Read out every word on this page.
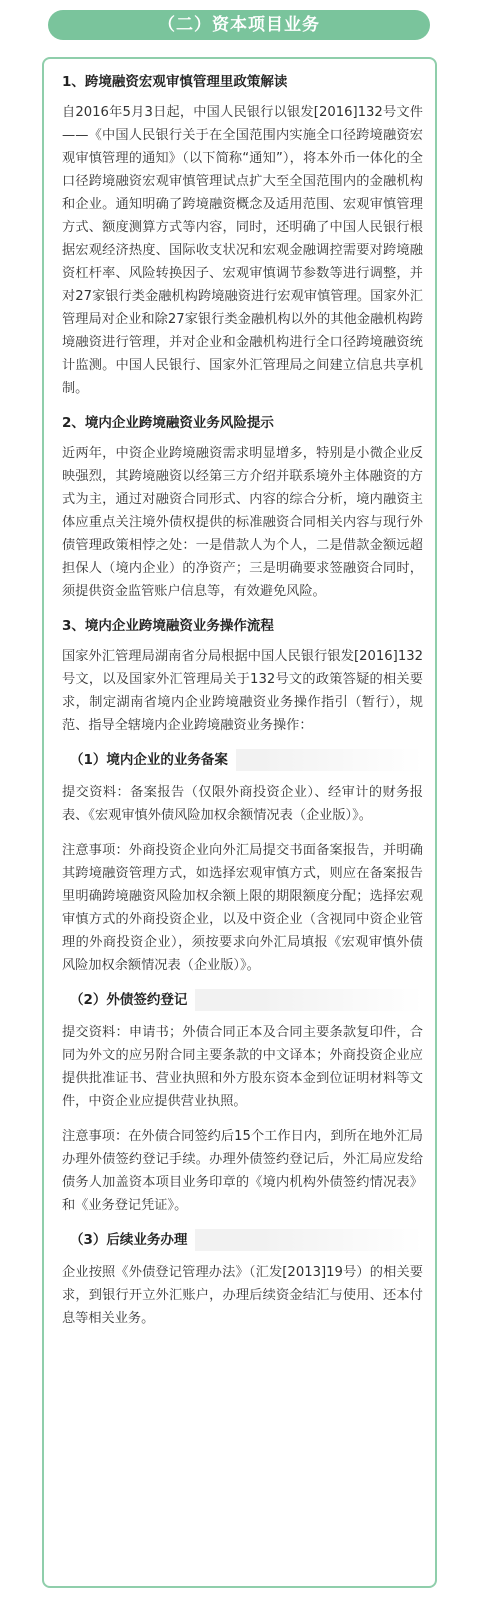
（二）资本项目业务
1、跨境融资宏观审慎管理里政策解读
自2016年5月3日起，中国人民银行以银发[2016]132号文件——《中国人民银行关于在全国范围内实施全口径跨境融资宏观审慎管理的通知》（以下简称“通知”），将本外币一体化的全口径跨境融资宏观审慎管理试点扩大至全国范围内的金融机构和企业。通知明确了跨境融资概念及适用范围、宏观审慎管理方式、额度测算方式等内容，同时，还明确了中国人民银行根据宏观经济热度、国际收支状况和宏观金融调控需要对跨境融资杠杆率、风险转换因子、宏观审慎调节参数等进行调整，并对27家银行类金融机构跨境融资进行宏观审慎管理。国家外汇管理局对企业和除27家银行类金融机构以外的其他金融机构跨境融资进行管理，并对企业和金融机构进行全口径跨境融资统计监测。中国人民银行、国家外汇管理局之间建立信息共享机制。
2、境内企业跨境融资业务风险提示
近两年，中资企业跨境融资需求明显增多，特别是小微企业反映强烈，其跨境融资以经第三方介绍并联系境外主体融资的方式为主，通过对融资合同形式、内容的综合分析，境内融资主体应重点关注境外债权提供的标准融资合同相关内容与现行外债管理政策相悖之处：一是借款人为个人，二是借款金额远超担保人（境内企业）的净资产；三是明确要求签融资合同时，须提供资金监管账户信息等，有效避免风险。
3、境内企业跨境融资业务操作流程
国家外汇管理局湖南省分局根据中国人民银行银发[2016]132号文，以及国家外汇管理局关于132号文的政策答疑的相关要求，制定湖南省境内企业跨境融资业务操作指引（暂行），规范、指导全辖境内企业跨境融资业务操作：
（1）境内企业的业务备案
提交资料：备案报告（仅限外商投资企业）、经审计的财务报表、《宏观审慎外债风险加权余额情况表（企业版）》。
注意事项：外商投资企业向外汇局提交书面备案报告，并明确其跨境融资管理方式，如选择宏观审慎方式，则应在备案报告里明确跨境融资风险加权余额上限的期限额度分配；选择宏观审慎方式的外商投资企业，以及中资企业（含视同中资企业管理的外商投资企业），须按要求向外汇局填报《宏观审慎外债风险加权余额情况表（企业版）》。
（2）外债签约登记
提交资料：申请书；外债合同正本及合同主要条款复印件，合同为外文的应另附合同主要条款的中文译本；外商投资企业应提供批准证书、营业执照和外方股东资本金到位证明材料等文件，中资企业应提供营业执照。
注意事项：在外债合同签约后15个工作日内，到所在地外汇局办理外债签约登记手续。办理外债签约登记后，外汇局应发给债务人加盖资本项目业务印章的《境内机构外债签约情况表》和《业务登记凭证》。
（3）后续业务办理
企业按照《外债登记管理办法》（汇发[2013]19号）的相关要求，到银行开立外汇账户，办理后续资金结汇与使用、还本付息等相关业务。
